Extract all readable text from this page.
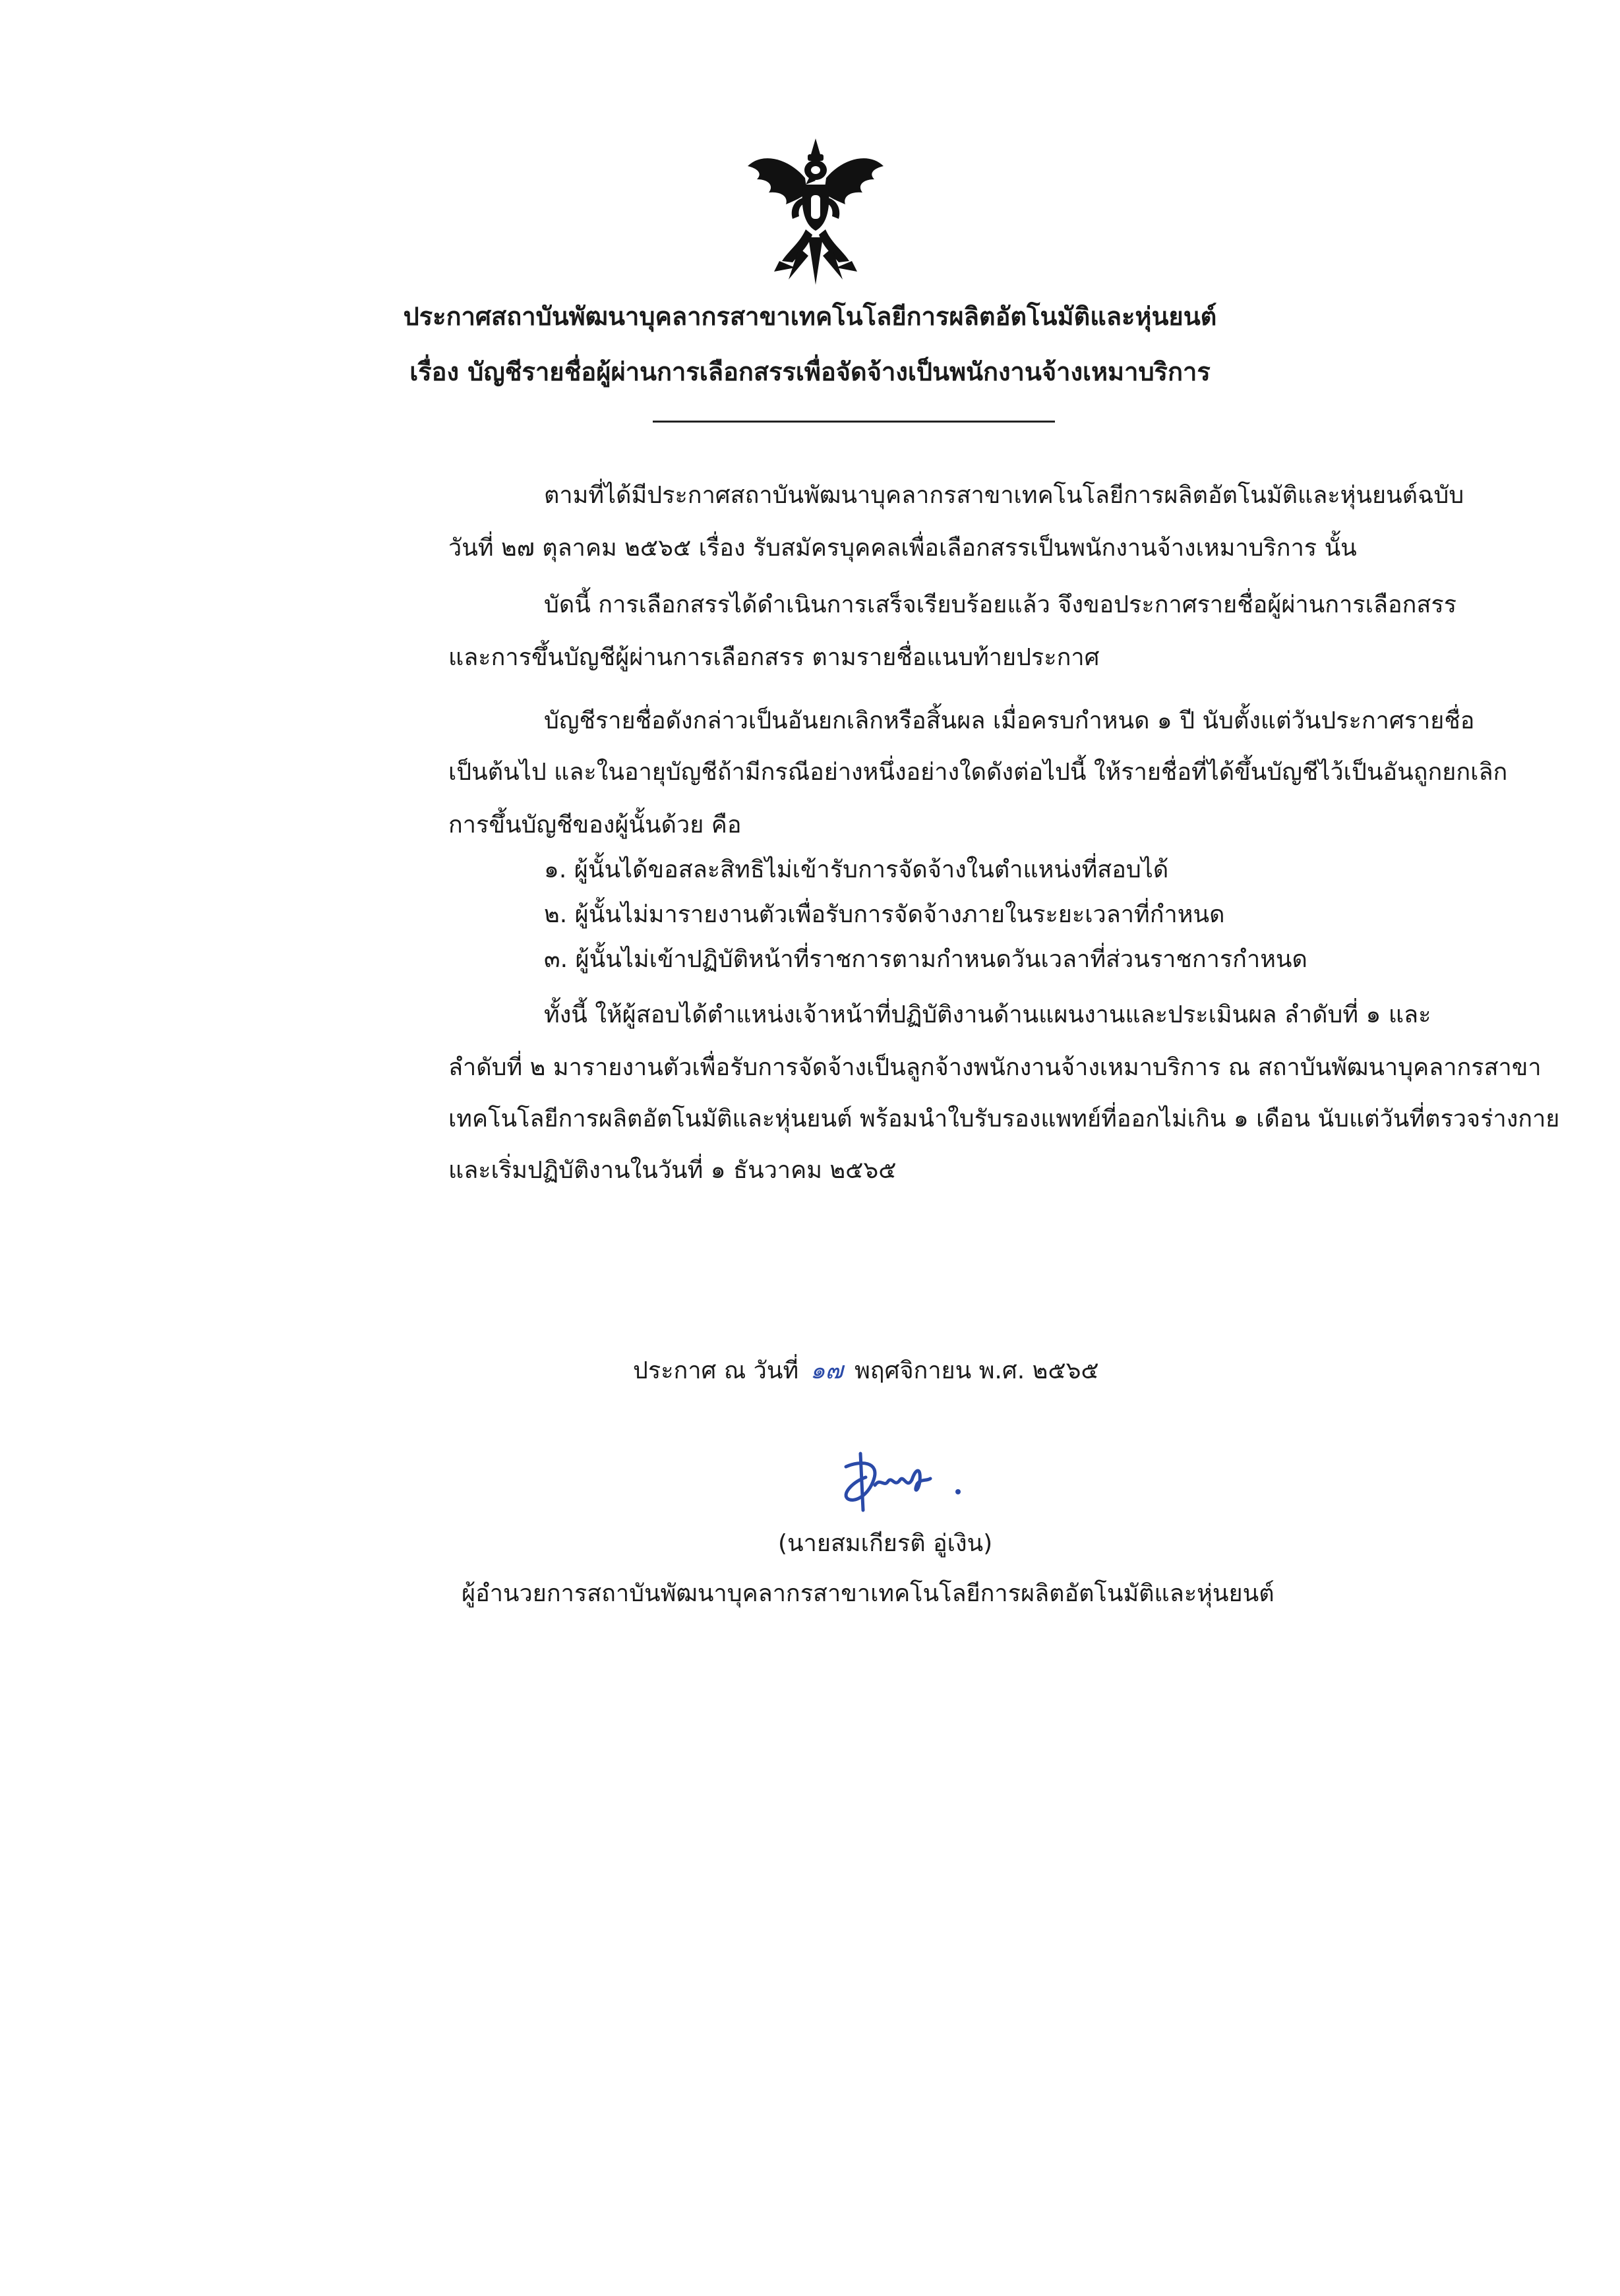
ประกาศสถาบันพัฒนาบุคลากรสาขาเทคโนโลยีการผลิตอัตโนมัติและหุ่นยนต์
เรื่อง บัญชีรายชื่อผู้ผ่านการเลือกสรรเพื่อจัดจ้างเป็นพนักงานจ้างเหมาบริการ
ตามที่ได้มีประกาศสถาบันพัฒนาบุคลากรสาขาเทคโนโลยีการผลิตอัตโนมัติและหุ่นยนต์ฉบับ
วันที่ ๒๗ ตุลาคม ๒๕๖๕ เรื่อง รับสมัครบุคคลเพื่อเลือกสรรเป็นพนักงานจ้างเหมาบริการ นั้น
บัดนี้ การเลือกสรรได้ดำเนินการเสร็จเรียบร้อยแล้ว จึงขอประกาศรายชื่อผู้ผ่านการเลือกสรร
และการขึ้นบัญชีผู้ผ่านการเลือกสรร ตามรายชื่อแนบท้ายประกาศ
บัญชีรายชื่อดังกล่าวเป็นอันยกเลิกหรือสิ้นผล เมื่อครบกำหนด ๑ ปี นับตั้งแต่วันประกาศรายชื่อ
เป็นต้นไป และในอายุบัญชีถ้ามีกรณีอย่างหนึ่งอย่างใดดังต่อไปนี้ ให้รายชื่อที่ได้ขึ้นบัญชีไว้เป็นอันถูกยกเลิก
การขึ้นบัญชีของผู้นั้นด้วย คือ
๑. ผู้นั้นได้ขอสละสิทธิไม่เข้ารับการจัดจ้างในตำแหน่งที่สอบได้
๒. ผู้นั้นไม่มารายงานตัวเพื่อรับการจัดจ้างภายในระยะเวลาที่กำหนด
๓. ผู้นั้นไม่เข้าปฏิบัติหน้าที่ราชการตามกำหนดวันเวลาที่ส่วนราชการกำหนด
ทั้งนี้ ให้ผู้สอบได้ตำแหน่งเจ้าหน้าที่ปฏิบัติงานด้านแผนงานและประเมินผล ลำดับที่ ๑ และ
ลำดับที่ ๒ มารายงานตัวเพื่อรับการจัดจ้างเป็นลูกจ้างพนักงานจ้างเหมาบริการ ณ สถาบันพัฒนาบุคลากรสาขา
เทคโนโลยีการผลิตอัตโนมัติและหุ่นยนต์ พร้อมนำใบรับรองแพทย์ที่ออกไม่เกิน ๑ เดือน นับแต่วันที่ตรวจร่างกาย
และเริ่มปฏิบัติงานในวันที่ ๑ ธันวาคม ๒๕๖๕
ประกาศ ณ วันที่ ๑๗ พฤศจิกายน พ.ศ. ๒๕๖๕
(นายสมเกียรติ อู่เงิน)
ผู้อำนวยการสถาบันพัฒนาบุคลากรสาขาเทคโนโลยีการผลิตอัตโนมัติและหุ่นยนต์
